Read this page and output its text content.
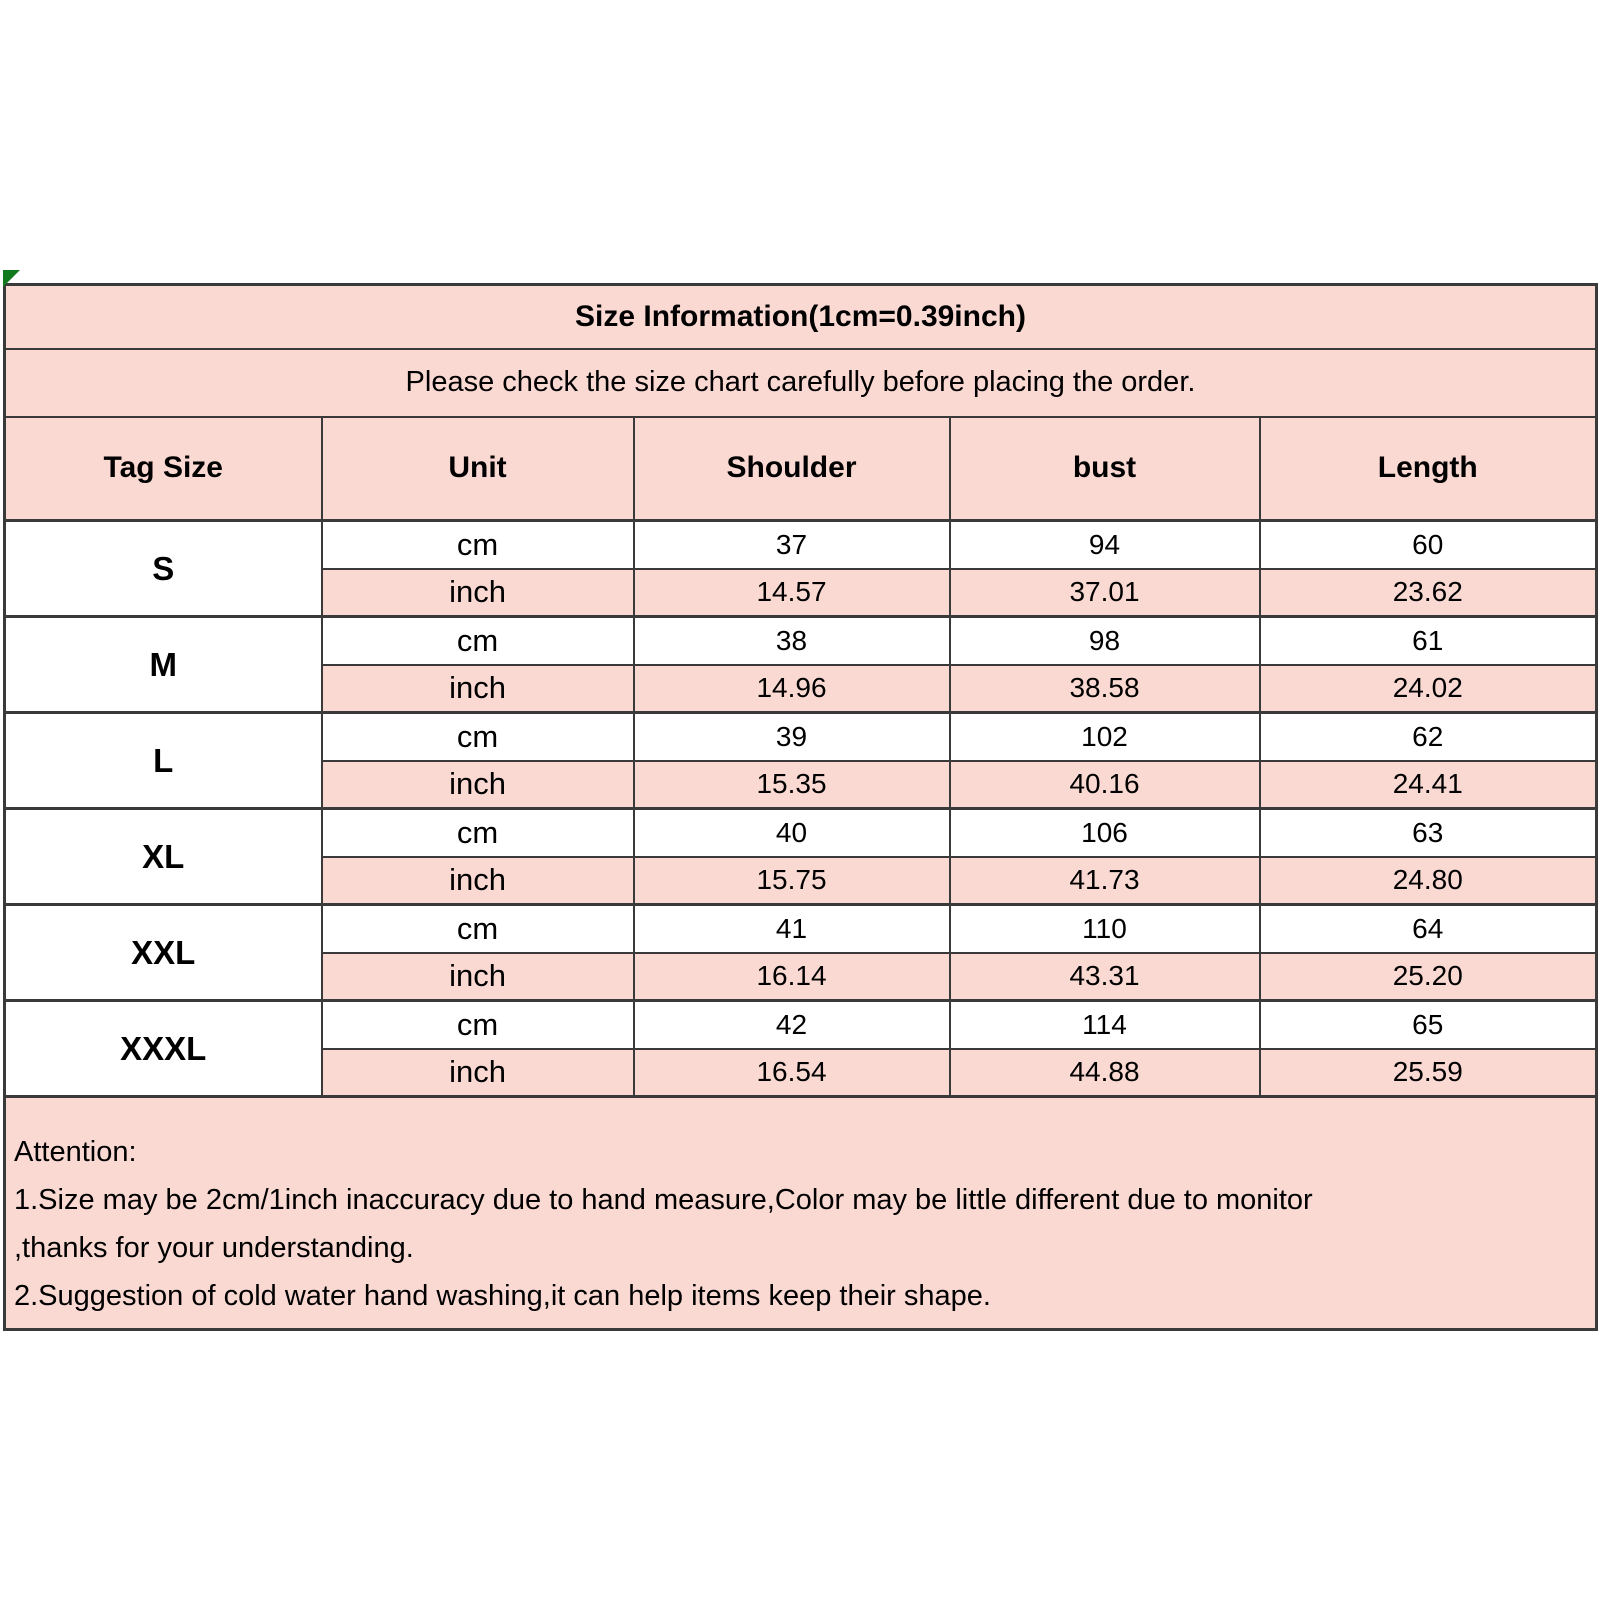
Size Information(1cm=0.39inch)				
Please check the size chart carefully before placing the order.				
Tag Size	Unit	Shoulder	bust	Length
S	cm	37	94	60
	inch	14.57	37.01	23.62
M	cm	38	98	61
	inch	14.96	38.58	24.02
L	cm	39	102	62
	inch	15.35	40.16	24.41
XL	cm	40	106	63
	inch	15.75	41.73	24.80
XXL	cm	41	110	64
	inch	16.14	43.31	25.20
XXXL	cm	42	114	65
	inch	16.54	44.88	25.59

Attention:
1.Size may be 2cm/1inch inaccuracy due to hand measure,Color may be little different due to monitor
,thanks for your understanding.
2.Suggestion of cold water hand washing,it can help items keep their shape.				
